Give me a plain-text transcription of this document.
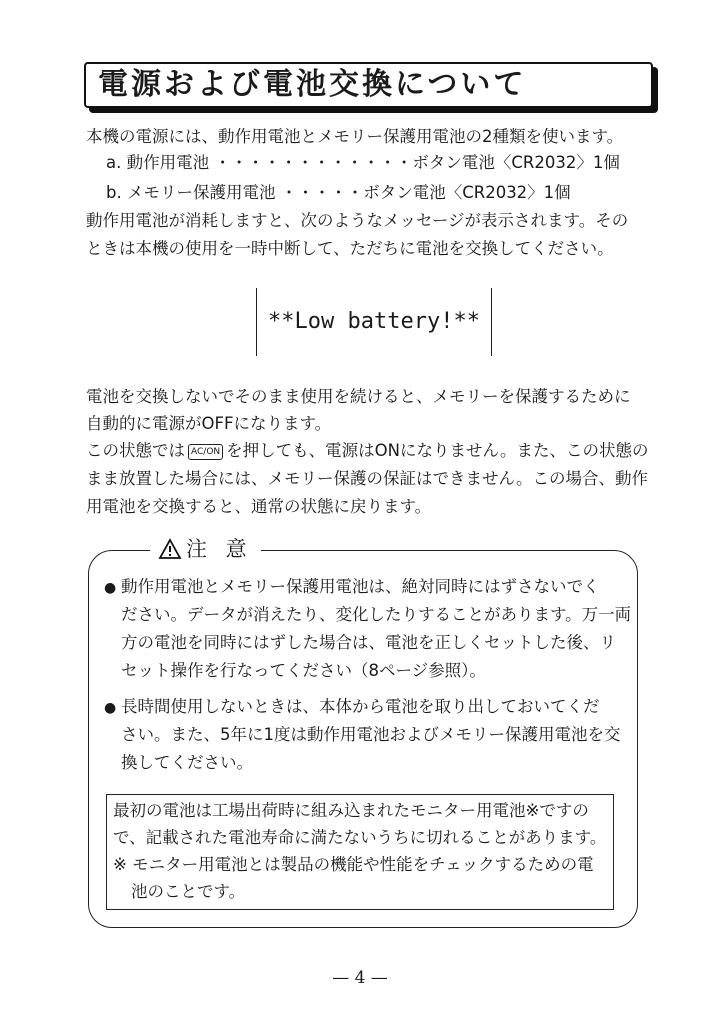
電源および電池交換について
本機の電源には、動作用電池とメモリー保護用電池の2種類を使います。
a. 動作用電池 ・・・・・・・・・・・・ボタン電池〈CR2032〉1個
b. メモリー保護用電池 ・・・・・ボタン電池〈CR2032〉1個
動作用電池が消耗しますと、次のようなメッセージが表示されます。その
ときは本機の使用を一時中断して、ただちに電池を交換してください。
**Low battery!**
電池を交換しないでそのまま使用を続けると、メモリーを保護するために
自動的に電源がOFFになります。
この状態では AC/ON を押しても、電源はONになりません。また、この状態の
まま放置した場合には、メモリー保護の保証はできません。この場合、動作
用電池を交換すると、通常の状態に戻ります。
注 意
● 動作用電池とメモリー保護用電池は、絶対同時にはずさないでく
ださい。データが消えたり、変化したりすることがあります。万一両
方の電池を同時にはずした場合は、電池を正しくセットした後、リ
セット操作を行なってください（8ページ参照）。
● 長時間使用しないときは、本体から電池を取り出しておいてくだ
さい。また、5年に1度は動作用電池およびメモリー保護用電池を交
換してください。
最初の電池は工場出荷時に組み込まれたモニター用電池※ですの
で、記載された電池寿命に満たないうちに切れることがあります。
※ モニター用電池とは製品の機能や性能をチェックするための電
池のことです。
— 4 —
